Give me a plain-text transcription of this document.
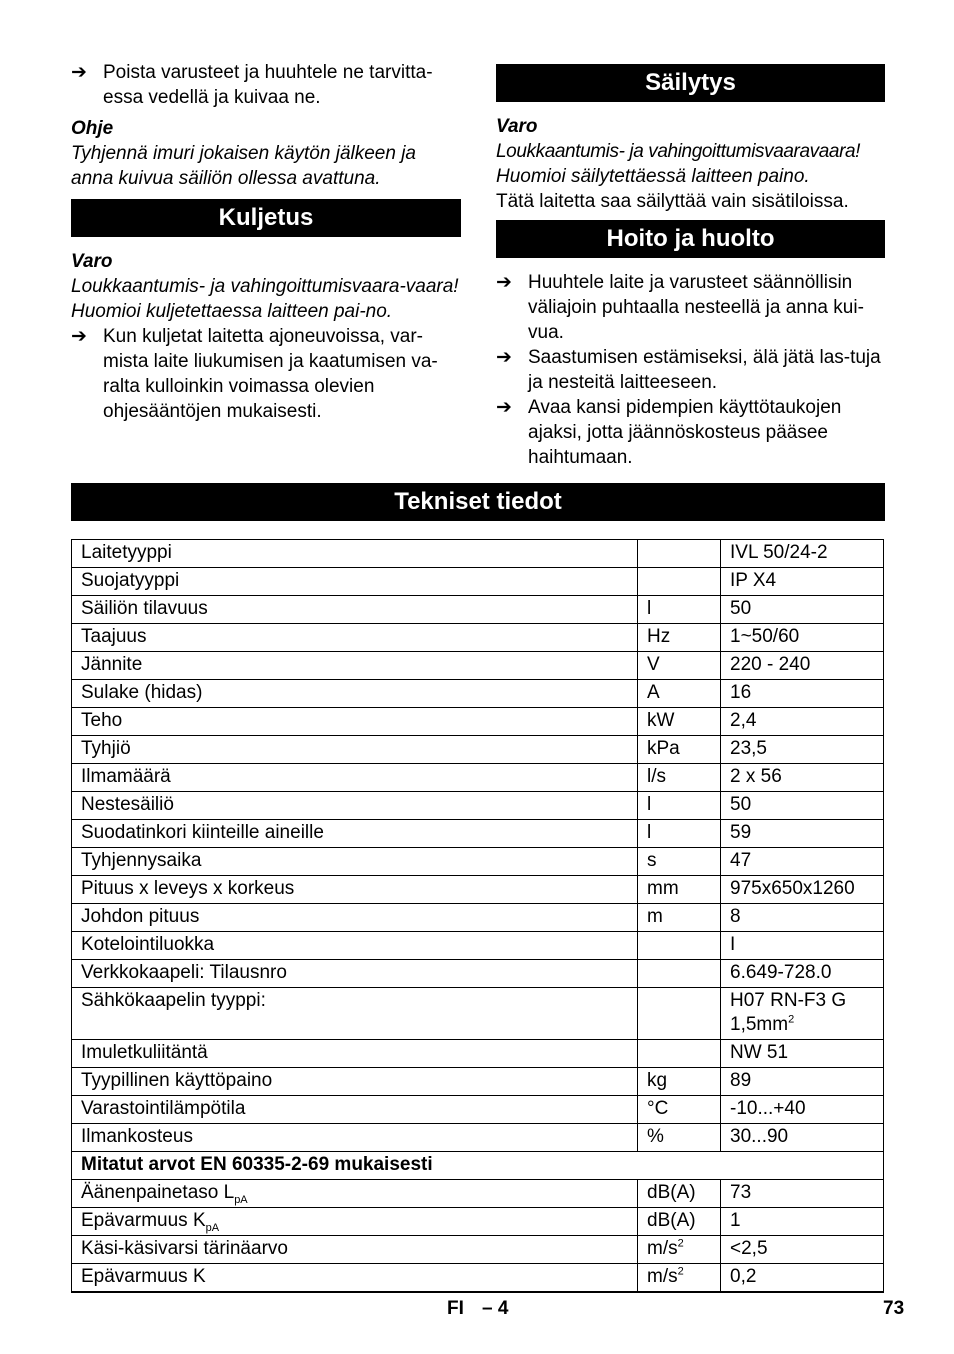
➔ Poista varusteet ja huuhtele ne tarvitta-essa vedellä ja kuivaa ne.

Ohje

Tyhjennä imuri jokaisen käytön jälkeen ja anna kuivua säiliön ollessa avattuna.

Kuljetus

Varo

Loukkaantumis- ja vahingoittumisvaara-vaara! Huomioi kuljetettaessa laitteen pai-no.

➔ Kun kuljetat laitetta ajoneuvoissa, var-mista laite liukumisen ja kaatumisen va-ralta kulloinkin voimassa olevien ohjesääntöjen mukaisesti.

Säilytys

Varo

Loukkaantumis- ja vahingoittumisvaaravaara!

Huomioi säilytettäessä laitteen paino.

Tätä laitetta saa säilyttää vain sisätiloissa.

Hoito ja huolto
➔ Huuhtele laite ja varusteet säännöllisin väliajoin puhtaalla nesteellä ja anna kui-vua.

➔ Saastumisen estämiseksi, älä jätä las-tuja ja nesteitä laitteeseen.

➔ Avaa kansi pidempien käyttötaukojen ajaksi, jotta jäännöskosteus pääsee haihtumaan.

Tekniset tiedot
Laitetyyppi		IVL 50/24-2
Suojatyyppi		IP X4
Säiliön tilavuus	l	50
Taajuus	Hz	1~50/60
Jännite	V	220 - 240
Sulake (hidas)	A	16
Teho	kW	2,4
Tyhjiö	kPa	23,5
Ilmamäärä	l/s	2 x 56
Nestesäiliö	l	50
Suodatinkori kiinteille aineille	l	59
Tyhjennysaika	s	47
Pituus x leveys x korkeus	mm	975x650x1260
Johdon pituus	m	8
Kotelointiluokka		I
Verkkokaapeli: Tilausnro		6.649-728.0
Sähkökaapelin tyyppi:		H07 RN-F3 G
$1,5mm^2$
Imuletkuliitäntä		NW 51
Tyypillinen käyttöpaino	kg	89
Varastointilämpötila	°C	-10...+40
Ilmankosteus	%	30...90
Mitatut arvot EN 60335-2-69 mukaisesti		
Äänenpainetaso $L_{pA}$	dB(A)	73
Epävarmuus $K_{pA}$	dB(A)	1
Käsi-käsivarsi tärinäarvo	$m/s^2$	<2,5
Epävarmuus K	$m/s^2$	0,2
FI – 4	73
